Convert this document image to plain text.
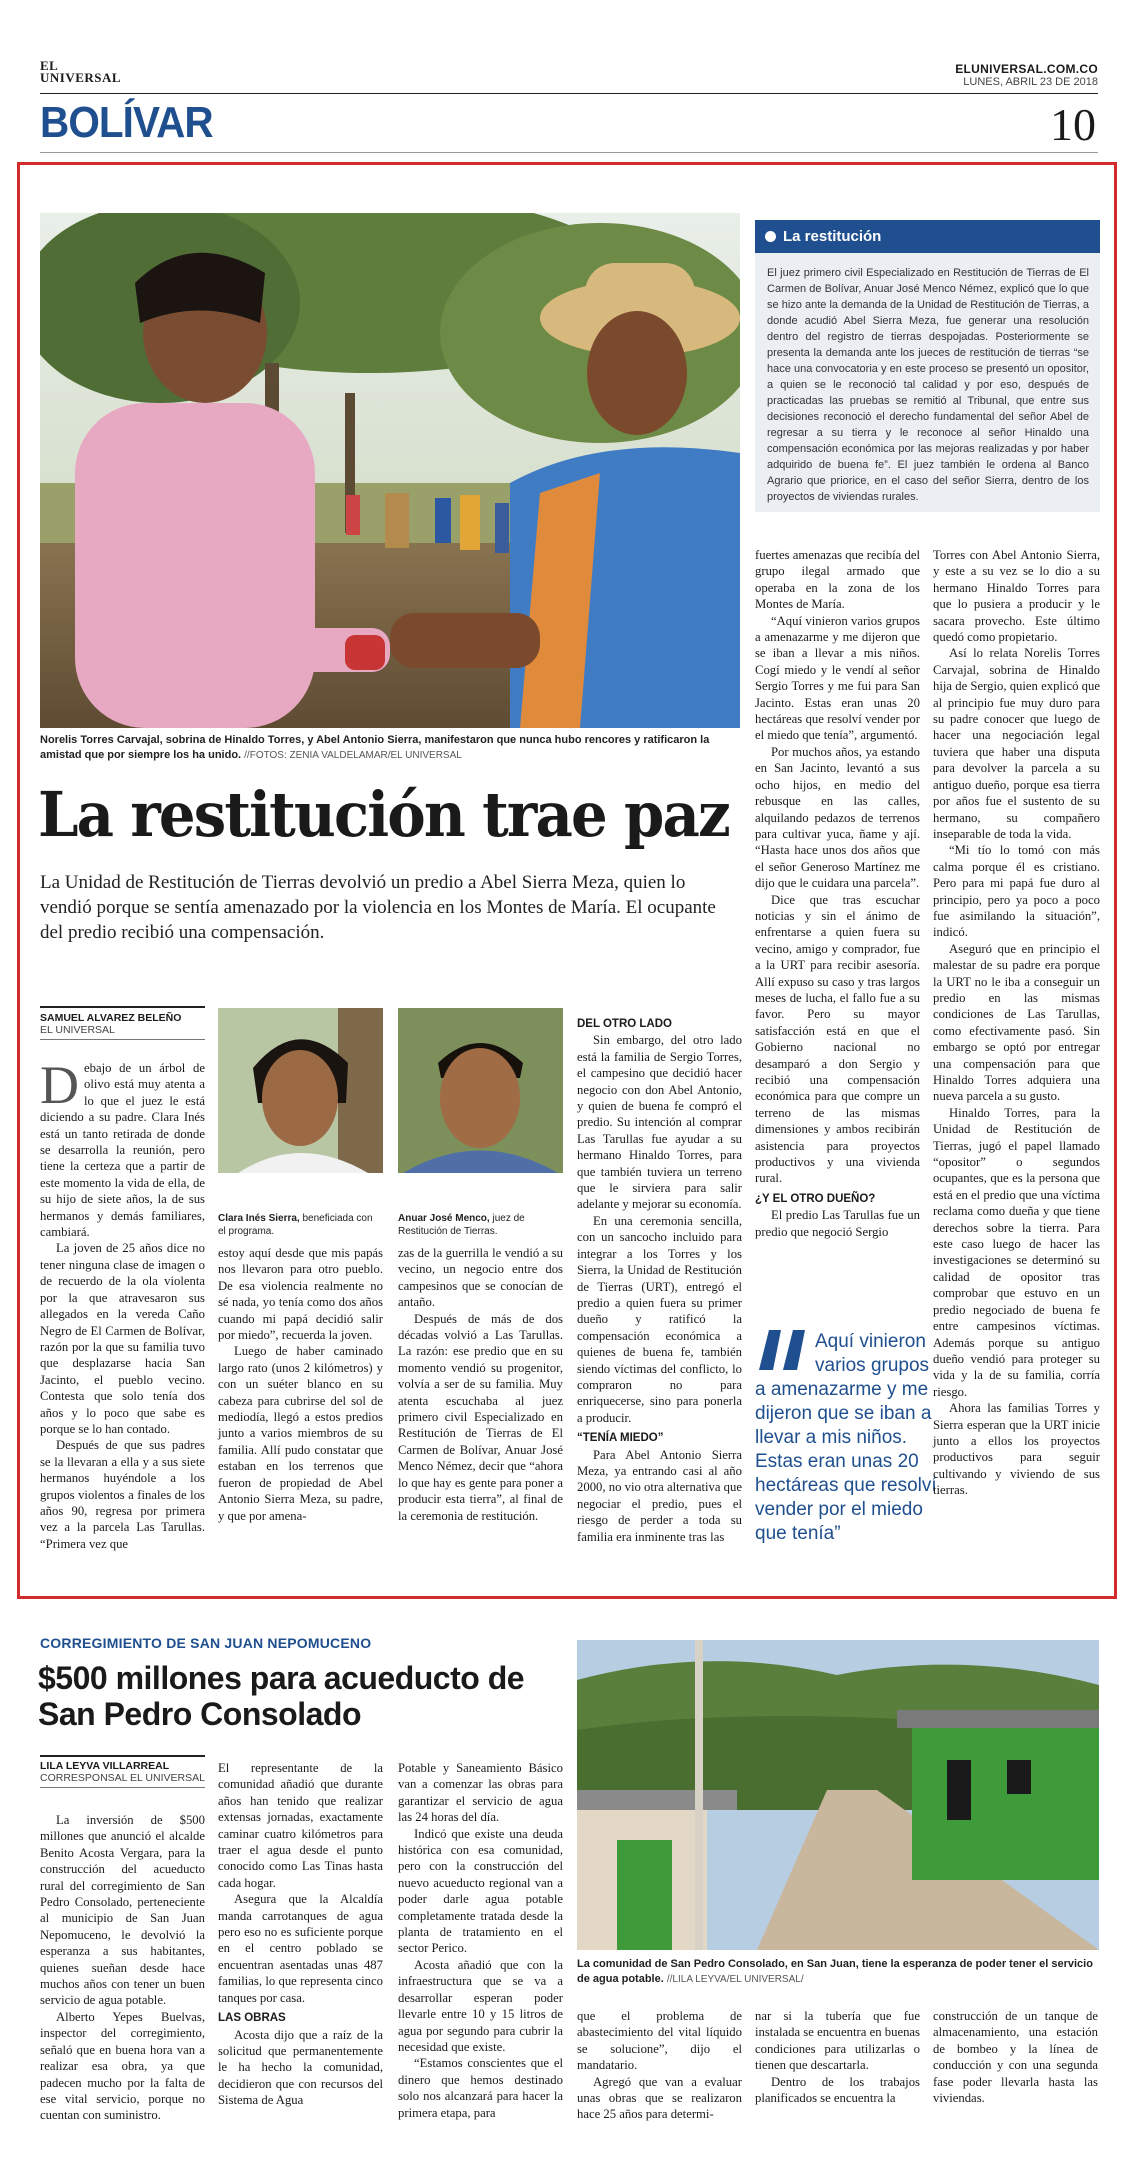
EL
UNIVERSAL
ELUNIVERSAL.COM.CO
LUNES, ABRIL 23 DE 2018
BOLÍVAR	10
Norelis Torres Carvajal, sobrina de Hinaldo Torres, y Abel Antonio Sierra, manifestaron que nunca hubo rencores y ratificaron la amistad que por siempre los ha unido. //FOTOS: ZENIA VALDELAMAR/EL UNIVERSAL
La restitución
El juez primero civil Especializado en Restitución de Tierras de El Carmen de Bolívar, Anuar José Menco Némez, explicó que lo que se hizo ante la demanda de la Unidad de Restitución de Tierras, a donde acudió Abel Sierra Meza, fue generar una resolución dentro del registro de tierras despojadas. Posteriormente se presenta la demanda ante los jueces de restitución de tierras “se hace una convocatoria y en este proceso se presentó un opositor, a quien se le reconoció tal calidad y por eso, después de practicadas las pruebas se remitió al Tribunal, que entre sus decisiones reconoció el derecho fundamental del señor Abel de regresar a su tierra y le reconoce al señor Hinaldo una compensación económica por las mejoras realizadas y por haber adquirido de buena fe”. El juez también le ordena al Banco Agrario que priorice, en el caso del señor Sierra, dentro de los proyectos de viviendas rurales.
La restitución trae paz
La Unidad de Restitución de Tierras devolvió un predio a Abel Sierra Meza, quien lo vendió porque se sentía amenazado por la violencia en los Montes de María. El ocupante del predio recibió una compensación.
SAMUEL ALVAREZ BELEÑO
EL UNIVERSAL

Debajo de un árbol de olivo está muy atenta a lo que el juez le está diciendo a su padre. Clara Inés está un tanto retirada de donde se desarrolla la reunión, pero tiene la certeza que a partir de este momento la vida de ella, de su hijo de siete años, la de sus hermanos y demás familiares, cambiará.

La joven de 25 años dice no tener ninguna clase de imagen o de recuerdo de la ola violenta por la que atravesaron sus allegados en la vereda Caño Negro de El Carmen de Bolívar, razón por la que su familia tuvo que desplazarse hacia San Jacinto, el pueblo vecino. Contesta que solo tenía dos años y lo poco que sabe es porque se lo han contado.

Después de que sus padres se la llevaran a ella y a sus siete hermanos huyéndole a los grupos violentos a finales de los años 90, regresa por primera vez a la parcela Las Tarullas. “Primera vez que

Clara Inés Sierra, beneficiada con el programa.
Anuar José Menco, juez de Restitución de Tierras.

estoy aquí desde que mis papás nos llevaron para otro pueblo. De esa violencia realmente no sé nada, yo tenía como dos años cuando mi papá decidió salir por miedo”, recuerda la joven.

Luego de haber caminado largo rato (unos 2 kilómetros) y con un suéter blanco en su cabeza para cubrirse del sol de mediodía, llegó a estos predios junto a varios miembros de su familia. Allí pudo constatar que estaban en los terrenos que fueron de propiedad de Abel Antonio Sierra Meza, su padre, y que por amena-

zas de la guerrilla le vendió a su vecino, un negocio entre dos campesinos que se conocían de antaño.

Después de más de dos décadas volvió a Las Tarullas. La razón: ese predio que en su momento vendió su progenitor, volvía a ser de su familia. Muy atenta escuchaba al juez primero civil Especializado en Restitución de Tierras de El Carmen de Bolívar, Anuar José Menco Némez, decir que “ahora lo que hay es gente para poner a producir esta tierra”, al final de la ceremonia de restitución.

DEL OTRO LADO

Sin embargo, del otro lado está la familia de Sergio Torres, el campesino que decidió hacer negocio con don Abel Antonio, y quien de buena fe compró el predio. Su intención al comprar Las Tarullas fue ayudar a su hermano Hinaldo Torres, para que también tuviera un terreno que le sirviera para salir adelante y mejorar su economía.

En una ceremonia sencilla, con un sancocho incluido para integrar a los Torres y los Sierra, la Unidad de Restitución de Tierras (URT), entregó el predio a quien fuera su primer dueño y ratificó la compensación económica a quienes de buena fe, también siendo víctimas del conflicto, lo compraron no para enriquecerse, sino para ponerla a producir.

“TENÍA MIEDO”

Para Abel Antonio Sierra Meza, ya entrando casi al año 2000, no vio otra alternativa que negociar el predio, pues el riesgo de perder a toda su familia era inminente tras las

fuertes amenazas que recibía del grupo ilegal armado que operaba en la zona de los Montes de María.

“Aquí vinieron varios grupos a amenazarme y me dijeron que se iban a llevar a mis niños. Cogí miedo y le vendí al señor Sergio Torres y me fui para San Jacinto. Estas eran unas 20 hectáreas que resolví vender por el miedo que tenía”, argumentó.

Por muchos años, ya estando en San Jacinto, levantó a sus ocho hijos, en medio del rebusque en las calles, alquilando pedazos de terrenos para cultivar yuca, ñame y ají. “Hasta hace unos dos años que el señor Generoso Martínez me dijo que le cuidara una parcela”.

Dice que tras escuchar noticias y sin el ánimo de enfrentarse a quien fuera su vecino, amigo y comprador, fue a la URT para recibir asesoría. Allí expuso su caso y tras largos meses de lucha, el fallo fue a su favor. Pero su mayor satisfacción está en que el Gobierno nacional no desamparó a don Sergio y recibió una compensación económica para que compre un terreno de las mismas dimensiones y ambos recibirán asistencia para proyectos productivos y una vivienda rural.

¿Y EL OTRO DUEÑO?

El predio Las Tarullas fue un predio que negoció Sergio

Aquí vinieron varios grupos a amenazarme y me dijeron que se iban a llevar a mis niños. Estas eran unas 20 hectáreas que resolví vender por el miedo que tenía”

Torres con Abel Antonio Sierra, y este a su vez se lo dio a su hermano Hinaldo Torres para que lo pusiera a producir y le sacara provecho. Este último quedó como propietario.

Así lo relata Norelis Torres Carvajal, sobrina de Hinaldo hija de Sergio, quien explicó que al principio fue muy duro para su padre conocer que luego de hacer una negociación legal tuviera que haber una disputa para devolver la parcela a su antiguo dueño, porque esa tierra por años fue el sustento de su hermano, su compañero inseparable de toda la vida.

“Mi tío lo tomó con más calma porque él es cristiano. Pero para mi papá fue duro al principio, pero ya poco a poco fue asimilando la situación”, indicó.

Aseguró que en principio el malestar de su padre era porque la URT no le iba a conseguir un predio en las mismas condiciones de Las Tarullas, como efectivamente pasó. Sin embargo se optó por entregar una compensación para que Hinaldo Torres adquiera una nueva parcela a su gusto.

Hinaldo Torres, para la Unidad de Restitución de Tierras, jugó el papel llamado “opositor” o segundos ocupantes, que es la persona que está en el predio que una víctima reclama como dueña y que tiene derechos sobre la tierra. Para este caso luego de hacer las investigaciones se determinó su calidad de opositor tras comprobar que estuvo en un predio negociado de buena fe entre campesinos víctimas. Además porque su antiguo dueño vendió para proteger su vida y la de su familia, corría riesgo.

Ahora las familias Torres y Sierra esperan que la URT inicie junto a ellos los proyectos productivos para seguir cultivando y viviendo de sus tierras.

CORREGIMIENTO DE SAN JUAN NEPOMUCENO
$500 millones para acueducto de San Pedro Consolado
LILA LEYVA VILLARREAL
CORRESPONSAL EL UNIVERSAL
La comunidad de San Pedro Consolado, en San Juan, tiene la esperanza de poder tener el servicio de agua potable. //LILA LEYVA/EL UNIVERSAL/

La inversión de $500 millones que anunció el alcalde Benito Acosta Vergara, para la construcción del acueducto rural del corregimiento de San Pedro Consolado, perteneciente al municipio de San Juan Nepomuceno, le devolvió la esperanza a sus habitantes, quienes sueñan desde hace muchos años con tener un buen servicio de agua potable.

Alberto Yepes Buelvas, inspector del corregimiento, señaló que en buena hora van a realizar esa obra, ya que padecen mucho por la falta de ese vital servicio, porque no cuentan con suministro.

El representante de la comunidad añadió que durante años han tenido que realizar extensas jornadas, exactamente caminar cuatro kilómetros para traer el agua desde el punto conocido como Las Tinas hasta cada hogar.

Asegura que la Alcaldía manda carrotanques de agua pero eso no es suficiente porque en el centro poblado se encuentran asentadas unas 487 familias, lo que representa cinco tanques por casa.

LAS OBRAS

Acosta dijo que a raíz de la solicitud que permanentemente le ha hecho la comunidad, decidieron que con recursos del Sistema de Agua

Potable y Saneamiento Básico van a comenzar las obras para garantizar el servicio de agua las 24 horas del día.

Indicó que existe una deuda histórica con esa comunidad, pero con la construcción del nuevo acueducto regional van a poder darle agua potable completamente tratada desde la planta de tratamiento en el sector Perico.

Acosta añadió que con la infraestructura que se va a desarrollar esperan poder llevarle entre 10 y 15 litros de agua por segundo para cubrir la necesidad que existe.

“Estamos conscientes que el dinero que hemos destinado solo nos alcanzará para hacer la primera etapa, para

que el problema de abastecimiento del vital líquido se solucione”, dijo el mandatario.

Agregó que van a evaluar unas obras que se realizaron hace 25 años para determi-

nar si la tubería que fue instalada se encuentra en buenas condiciones para utilizarlas o tienen que descartarla.

Dentro de los trabajos planificados se encuentra la

construcción de un tanque de almacenamiento, una estación de bombeo y la línea de conducción y con una segunda fase poder llevarla hasta las viviendas.
